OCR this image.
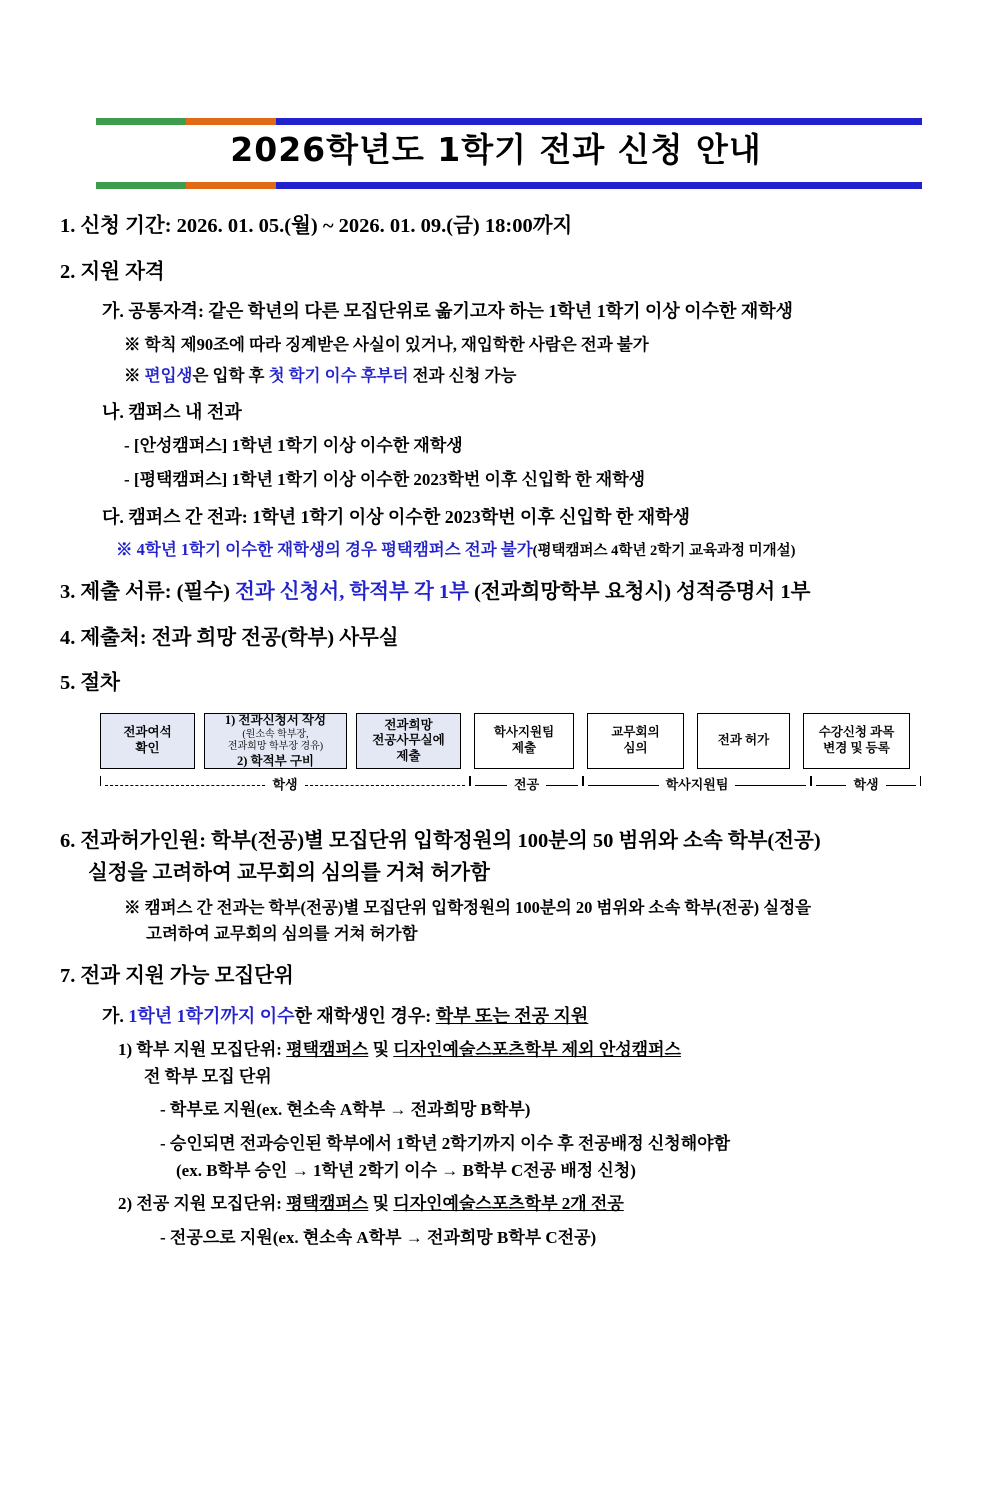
2026학년도 1학기 전과 신청 안내
1. 신청 기간: 2026. 01. 05.(월) ~ 2026. 01. 09.(금) 18:00까지
2. 지원 자격
가. 공통자격: 같은 학년의 다른 모집단위로 옮기고자 하는 1학년 1학기 이상 이수한 재학생
※ 학칙 제90조에 따라 징계받은 사실이 있거나, 재입학한 사람은 전과 불가
※ 편입생은 입학 후 첫 학기 이수 후부터 전과 신청 가능
나. 캠퍼스 내 전과
- [안성캠퍼스] 1학년 1학기 이상 이수한 재학생
- [평택캠퍼스] 1학년 1학기 이상 이수한 2023학번 이후 신입학 한 재학생
다. 캠퍼스 간 전과: 1학년 1학기 이상 이수한 2023학번 이후 신입학 한 재학생
※ 4학년 1학기 이수한 재학생의 경우 평택캠퍼스 전과 불가(평택캠퍼스 4학년 2학기 교육과정 미개설)
3. 제출 서류: (필수) 전과 신청서, 학적부 각 1부 (전과희망학부 요청시) 성적증명서 1부
4. 제출처: 전과 희망 전공(학부) 사무실
5. 절차
전과여석
확인
1) 전과신청서 작성
(원소속 학부장,
전과희망 학부장 경유)
2) 학적부 구비
전과희망
전공사무실에
제출
학사지원팀
제출
교무회의
심의
전과 허가
수강신청 과목
변경 및 등록
학생	전공	학사지원팀	학생
6. 전과허가인원: 학부(전공)별 모집단위 입학정원의 100분의 50 범위와 소속 학부(전공)
실정을 고려하여 교무회의 심의를 거쳐 허가함
※ 캠퍼스 간 전과는 학부(전공)별 모집단위 입학정원의 100분의 20 범위와 소속 학부(전공) 실정을
고려하여 교무회의 심의를 거쳐 허가함
7. 전과 지원 가능 모집단위
가. 1학년 1학기까지 이수한 재학생인 경우: 학부 또는 전공 지원
1) 학부 지원 모집단위: 평택캠퍼스 및 디자인예술스포츠학부 제외 안성캠퍼스
전 학부 모집 단위
- 학부로 지원(ex. 현소속 A학부 → 전과희망 B학부)
- 승인되면 전과승인된 학부에서 1학년 2학기까지 이수 후 전공배정 신청해야함
(ex. B학부 승인 → 1학년 2학기 이수 → B학부 C전공 배정 신청)
2) 전공 지원 모집단위: 평택캠퍼스 및 디자인예술스포츠학부 2개 전공
- 전공으로 지원(ex. 현소속 A학부 → 전과희망 B학부 C전공)
